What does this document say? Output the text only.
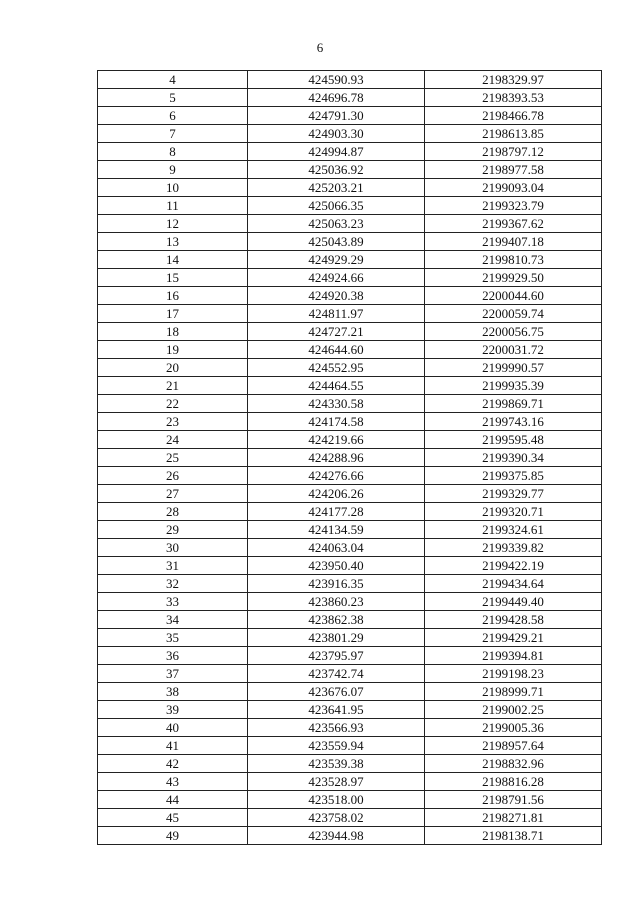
6
4	424590.93	2198329.97
5	424696.78	2198393.53
6	424791.30	2198466.78
7	424903.30	2198613.85
8	424994.87	2198797.12
9	425036.92	2198977.58
10	425203.21	2199093.04
11	425066.35	2199323.79
12	425063.23	2199367.62
13	425043.89	2199407.18
14	424929.29	2199810.73
15	424924.66	2199929.50
16	424920.38	2200044.60
17	424811.97	2200059.74
18	424727.21	2200056.75
19	424644.60	2200031.72
20	424552.95	2199990.57
21	424464.55	2199935.39
22	424330.58	2199869.71
23	424174.58	2199743.16
24	424219.66	2199595.48
25	424288.96	2199390.34
26	424276.66	2199375.85
27	424206.26	2199329.77
28	424177.28	2199320.71
29	424134.59	2199324.61
30	424063.04	2199339.82
31	423950.40	2199422.19
32	423916.35	2199434.64
33	423860.23	2199449.40
34	423862.38	2199428.58
35	423801.29	2199429.21
36	423795.97	2199394.81
37	423742.74	2199198.23
38	423676.07	2198999.71
39	423641.95	2199002.25
40	423566.93	2199005.36
41	423559.94	2198957.64
42	423539.38	2198832.96
43	423528.97	2198816.28
44	423518.00	2198791.56
45	423758.02	2198271.81
49	423944.98	2198138.71
